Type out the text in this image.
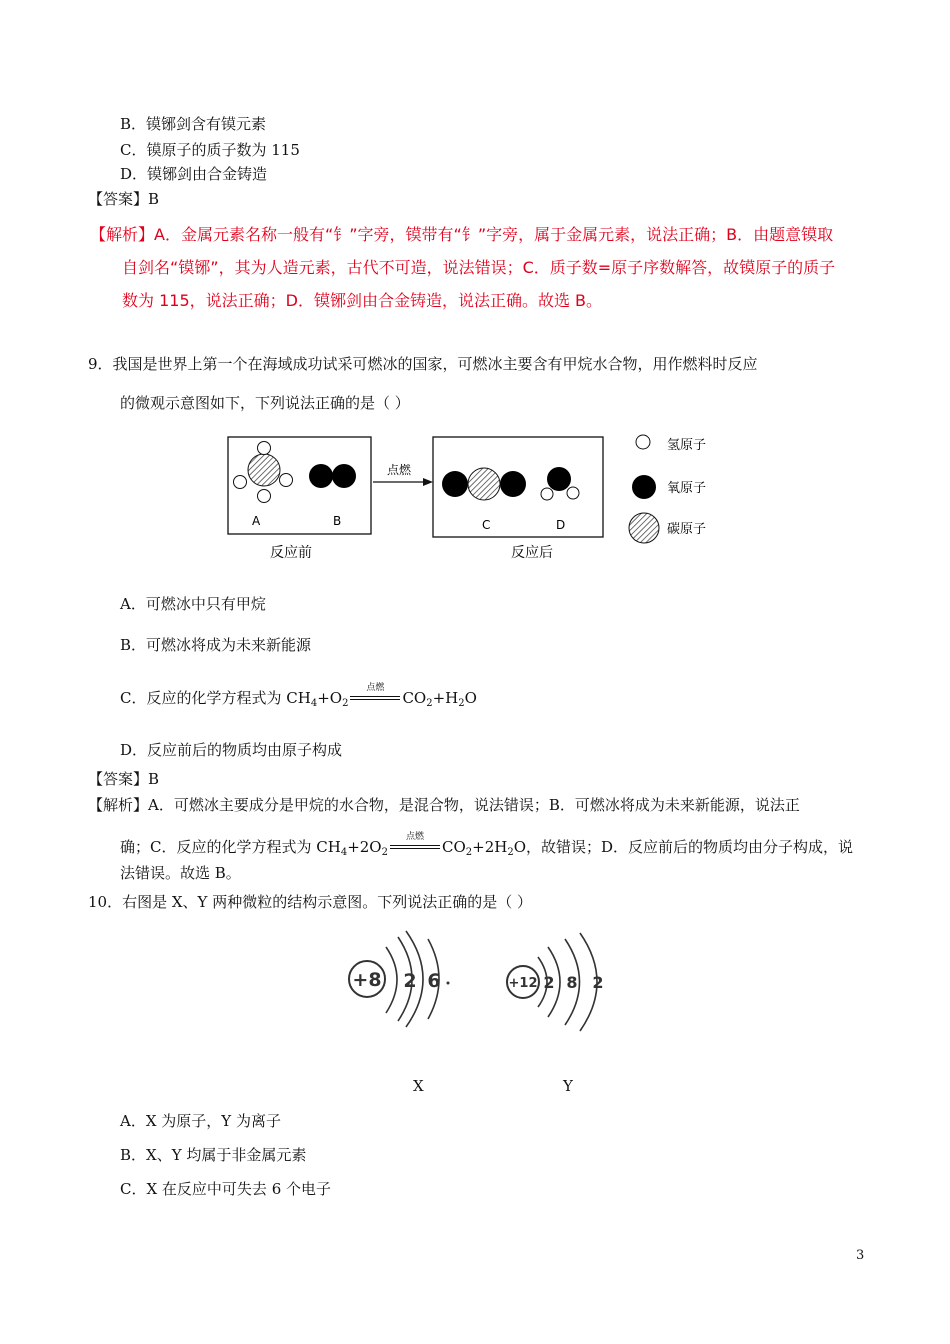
B．镆铘剑含有镆元素
C．镆原子的质子数为 115
D．镆铘剑由合金铸造
【答案】B
【解析】A．金属元素名称一般有“钅”字旁，镆带有“钅”字旁，属于金属元素，说法正确；B．由题意镆取
自剑名“镆铘”，其为人造元素，古代不可造，说法错误；C．质子数=原子序数解答，故镆原子的质子
数为 115，说法正确；D．镆铘剑由合金铸造，说法正确。故选 B。
9．我国是世界上第一个在海域成功试采可燃冰的国家，可燃冰主要含有甲烷水合物，用作燃料时反应
的微观示意图如下，下列说法正确的是（ ）
A	B
反应前
点燃
C	D
反应后
氢原子
氧原子
碳原子
A．可燃冰中只有甲烷
B．可燃冰将成为未来新能源
C．反应的化学方程式为 $CH_4+O_2$
点燃
$CO_2+H_2O$
D．反应前后的物质均由原子构成
【答案】B
【解析】A．可燃冰主要成分是甲烷的水合物，是混合物，说法错误；B．可燃冰将成为未来新能源，说法正
确；C．反应的化学方程式为 $CH_4+2O_2$
点燃
$CO_2+2H_2O$，故错误；D．反应前后的物质均由分子构成，说
法错误。故选 B。
10．右图是 X、Y 两种微粒的结构示意图。下列说法正确的是（ ）
+8 2 6	+12 2 8 2
X	Y
A．X 为原子，Y 为离子
B．X、Y 均属于非金属元素
C．X 在反应中可失去 6 个电子
3
